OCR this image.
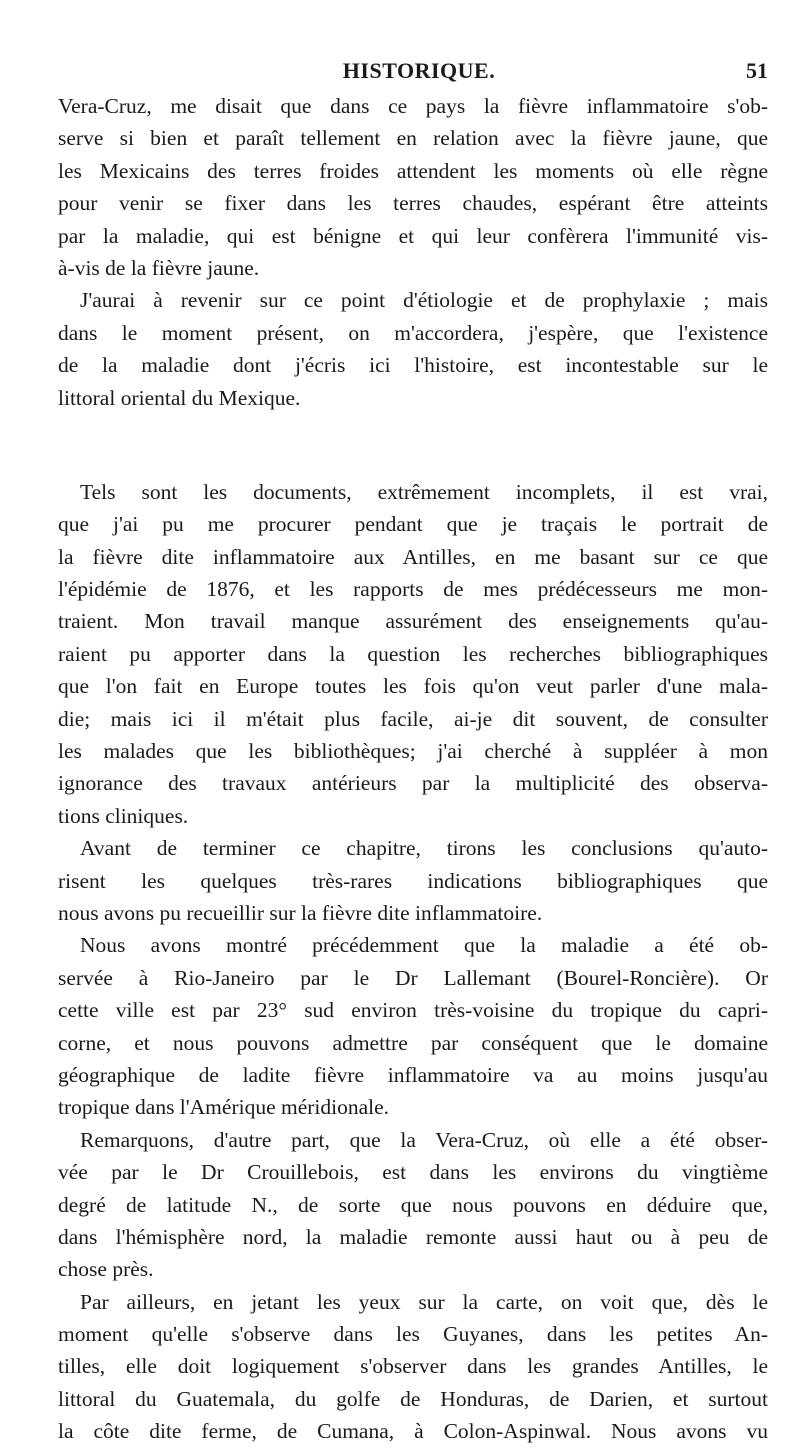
HISTORIQUE.	51
Vera-Cruz, me disait que dans ce pays la fièvre inflammatoire s'ob-
serve si bien et paraît tellement en relation avec la fièvre jaune, que
les Mexicains des terres froides attendent les moments où elle règne
pour venir se fixer dans les terres chaudes, espérant être atteints
par la maladie, qui est bénigne et qui leur confèrera l'immunité vis-
à-vis de la fièvre jaune.
J'aurai à revenir sur ce point d'étiologie et de prophylaxie ; mais
dans le moment présent, on m'accordera, j'espère, que l'existence
de la maladie dont j'écris ici l'histoire, est incontestable sur le
littoral oriental du Mexique.
Tels sont les documents, extrêmement incomplets, il est vrai,
que j'ai pu me procurer pendant que je traçais le portrait de
la fièvre dite inflammatoire aux Antilles, en me basant sur ce que
l'épidémie de 1876, et les rapports de mes prédécesseurs me mon-
traient. Mon travail manque assurément des enseignements qu'au-
raient pu apporter dans la question les recherches bibliographiques
que l'on fait en Europe toutes les fois qu'on veut parler d'une mala-
die; mais ici il m'était plus facile, ai-je dit souvent, de consulter
les malades que les bibliothèques; j'ai cherché à suppléer à mon
ignorance des travaux antérieurs par la multiplicité des observa-
tions cliniques.
Avant de terminer ce chapitre, tirons les conclusions qu'auto-
risent les quelques très-rares indications bibliographiques que
nous avons pu recueillir sur la fièvre dite inflammatoire.
Nous avons montré précédemment que la maladie a été ob-
servée à Rio-Janeiro par le Dr Lallemant (Bourel-Roncière). Or
cette ville est par 23° sud environ très-voisine du tropique du capri-
corne, et nous pouvons admettre par conséquent que le domaine
géographique de ladite fièvre inflammatoire va au moins jusqu'au
tropique dans l'Amérique méridionale.
Remarquons, d'autre part, que la Vera-Cruz, où elle a été obser-
vée par le Dr Crouillebois, est dans les environs du vingtième
degré de latitude N., de sorte que nous pouvons en déduire que,
dans l'hémisphère nord, la maladie remonte aussi haut ou à peu de
chose près.
Par ailleurs, en jetant les yeux sur la carte, on voit que, dès le
moment qu'elle s'observe dans les Guyanes, dans les petites An-
tilles, elle doit logiquement s'observer dans les grandes Antilles, le
littoral du Guatemala, du golfe de Honduras, de Darien, et surtout
la côte dite ferme, de Cumana, à Colon-Aspinwal. Nous avons vu
